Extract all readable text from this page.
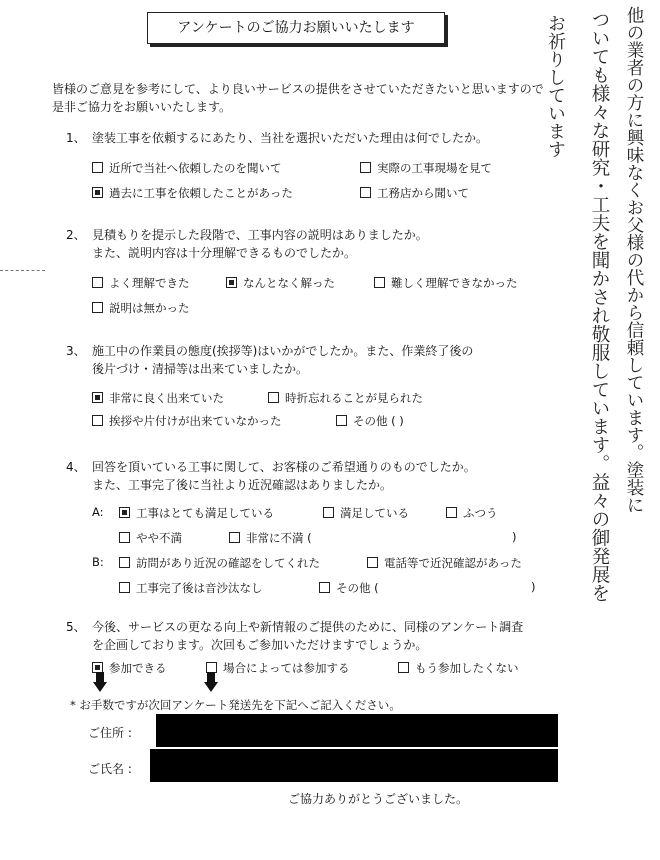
アンケートのご協力お願いいたします
皆様のご意見を参考にして、より良いサービスの提供をさせていただきたいと思いますので
是非ご協力をお願いいたします。
1、 塗装工事を依頼するにあたり、当社を選択いただいた理由は何でしたか。
近所で当社へ依頼したのを聞いて	実際の工事現場を見て
過去に工事を依頼したことがあった	工務店から聞いて
2、 見積もりを提示した段階で、工事内容の説明はありましたか。
また、説明内容は十分理解できるものでしたか。
よく理解できた	なんとなく解った	難しく理解できなかった
説明は無かった
3、 施工中の作業員の態度(挨拶等)はいかがでしたか。また、作業終了後の
後片づけ・清掃等は出来ていましたか。
非常に良く出来ていた	時折忘れることが見られた
挨拶や片付けが出来ていなかった	その他 ( )
4、 回答を頂いている工事に関して、お客様のご希望通りのものでしたか。
また、工事完了後に当社より近況確認はありましたか。
A:	工事はとても満足している	満足している	ふつう
やや不満	非常に不満 (	)
B:	訪問があり近況の確認をしてくれた	電話等で近況確認があった
工事完了後は音沙汰なし	その他 (	)
5、 今後、サービスの更なる向上や新情報のご提供のために、同様のアンケート調査
を企画しております。次回もご参加いただけますでしょうか。
参加できる	場合によっては参加する	もう参加したくない
* お手数ですが次回アンケート発送先を下記へご記入ください。
ご住所 :
ご氏名 :
ご協力ありがとうございました。
他の業者の方に興味なくお父様の代から信頼しています。塗装に
ついても様々な研究・工夫を聞かされ敬服しています。益々の御発展を
お祈りしています
